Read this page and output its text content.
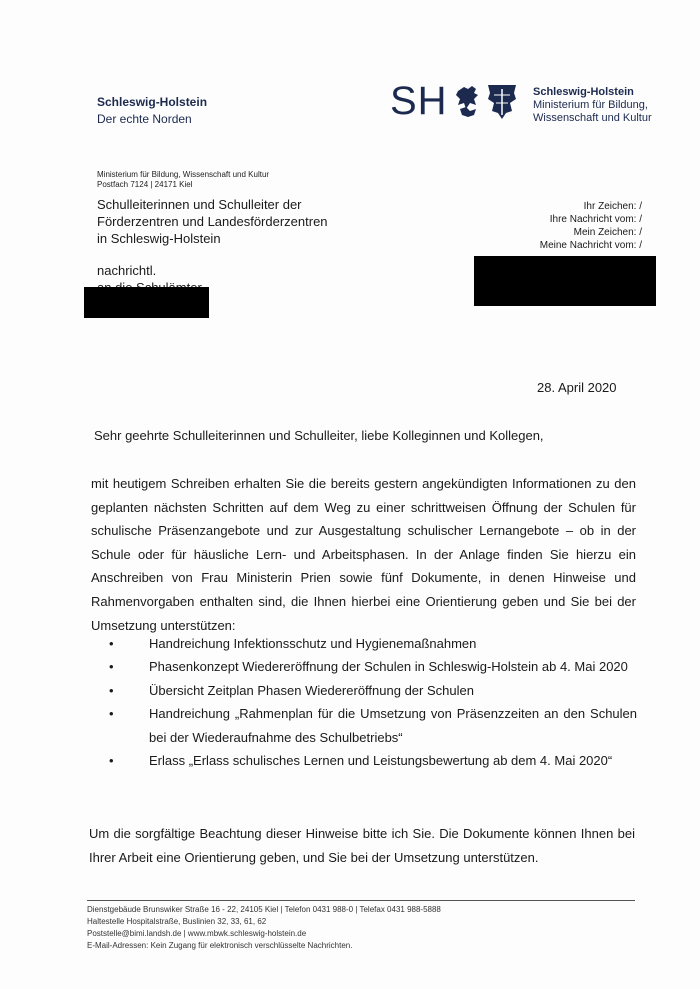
Schleswig-Holstein
Der echte Norden	SH	Schleswig-Holstein
Ministerium für Bildung,
Wissenschaft und Kultur
Ministerium für Bildung, Wissenschaft und Kultur
Postfach 7124 | 24171 Kiel
Schulleiterinnen und Schulleiter der
Förderzentren und Landesförderzentren
in Schleswig-Holstein
Ihr Zeichen: /
Ihre Nachricht vom: /
Mein Zeichen: /
Meine Nachricht vom: /
nachrichtl.
28. April 2020
Sehr geehrte Schulleiterinnen und Schulleiter, liebe Kolleginnen und Kollegen,
mit heutigem Schreiben erhalten Sie die bereits gestern angekündigten Informationen zu den geplanten nächsten Schritten auf dem Weg zu einer schrittweisen Öffnung der Schulen für schulische Präsenzangebote und zur Ausgestaltung schulischer Lernangebote – ob in der Schule oder für häusliche Lern- und Arbeitsphasen. In der Anlage finden Sie hierzu ein Anschreiben von Frau Ministerin Prien sowie fünf Dokumente, in denen Hinweise und Rahmenvorgaben enthalten sind, die Ihnen hierbei eine Orientierung geben und Sie bei der Umsetzung unterstützen:
•	Handreichung Infektionsschutz und Hygienemaßnahmen
•	Phasenkonzept Wiedereröffnung der Schulen in Schleswig-Holstein ab 4. Mai 2020
•	Übersicht Zeitplan Phasen Wiedereröffnung der Schulen
•	Handreichung „Rahmenplan für die Umsetzung von Präsenzzeiten an den Schulen bei der Wiederaufnahme des Schulbetriebs“
•	Erlass „Erlass schulisches Lernen und Leistungsbewertung ab dem 4. Mai 2020“
Um die sorgfältige Beachtung dieser Hinweise bitte ich Sie. Die Dokumente können Ihnen bei Ihrer Arbeit eine Orientierung geben, und Sie bei der Umsetzung unterstützen.
Dienstgebäude Brunswiker Straße 16 - 22, 24105 Kiel | Telefon 0431 988-0 | Telefax 0431 988-5888
Haltestelle Hospitalstraße, Buslinien 32, 33, 61, 62
Poststelle@bimi.landsh.de | www.mbwk.schleswig-holstein.de
E-Mail-Adressen: Kein Zugang für elektronisch verschlüsselte Nachrichten.
